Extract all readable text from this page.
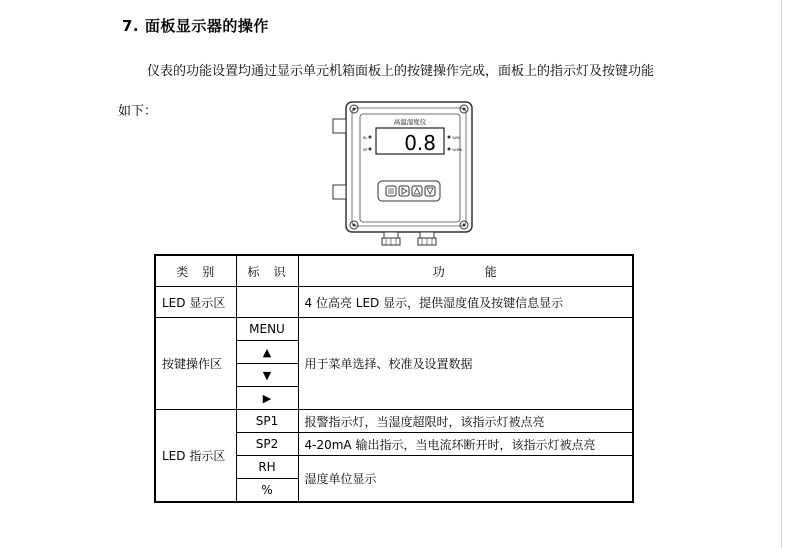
7. 面板显示器的操作
仪表的功能设置均通过显示单元机箱面板上的按键操作完成，面板上的指示灯及按键功能
如下：
高温湿度仪
0.8
RL
SP
%RH
%HPa
类　别	标　识	功　　　能
LED 显示区		4 位高亮 LED 显示，提供湿度值及按键信息显示
按键操作区	MENU	用于菜单选择、校准及设置数据
	▲	
	▼	
	▶	
LED 指示区	SP1	报警指示灯，当湿度超限时，该指示灯被点亮
	SP2	4-20mA 输出指示，当电流环断开时，该指示灯被点亮
	RH	湿度单位显示
	%	
